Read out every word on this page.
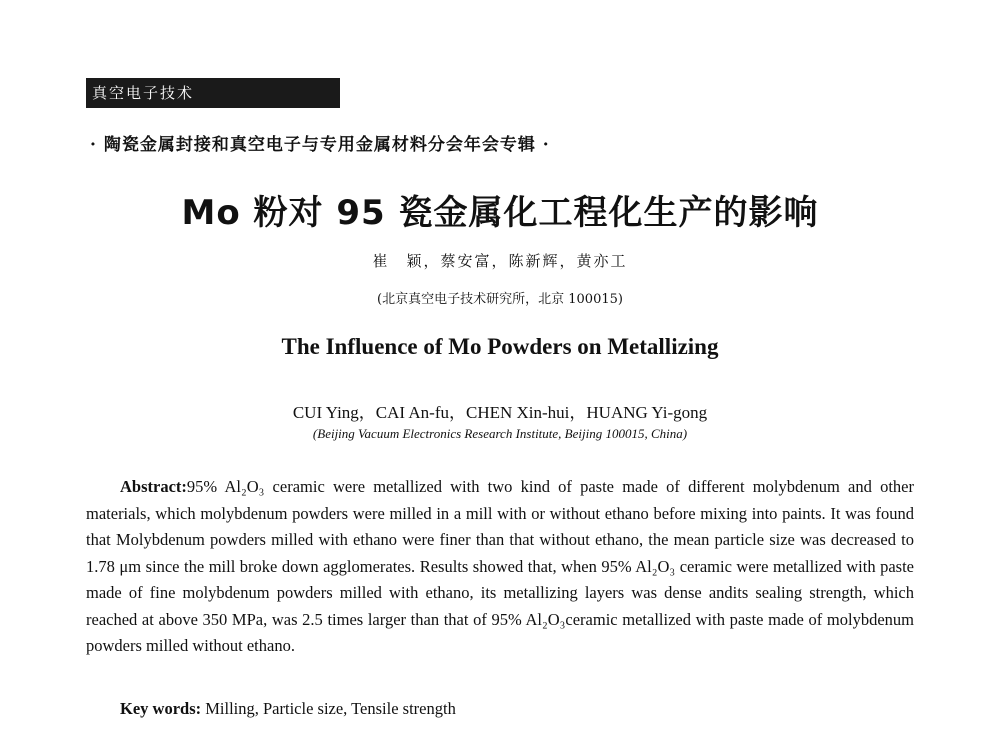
真空电子技术
· 陶瓷金属封接和真空电子与专用金属材料分会年会专辑 ·
Mo 粉对 95 瓷金属化工程化生产的影响
崔　颖，蔡安富，陈新辉，黄亦工
(北京真空电子技术研究所，北京 100015)
The Influence of Mo Powders on Metallizing
CUI Ying，CAI An-fu，CHEN Xin-hui，HUANG Yi-gong
(Beijing Vacuum Electronics Research Institute, Beijing 100015, China)

Abstract:95% Al₂O₃ ceramic were metallized with two kind of paste made of different molybdenum and other materials, which molybdenum powders were milled in a mill with or without ethano before mixing into paints. It was found that Molybdenum powders milled with ethano were finer than that without ethano, the mean particle size was decreased to 1.78 μm since the mill broke down agglomerates. Results showed that, when 95% Al₂O₃ ceramic were metallized with paste made of fine molybdenum powders milled with ethano, its metallizing layers was dense andits sealing strength, which reached at above 350 MPa, was 2.5 times larger than that of 95% Al₂O₃ceramic metallized with paste made of molybdenum powders milled without ethano.

Key words: Milling, Particle size, Tensile strength
